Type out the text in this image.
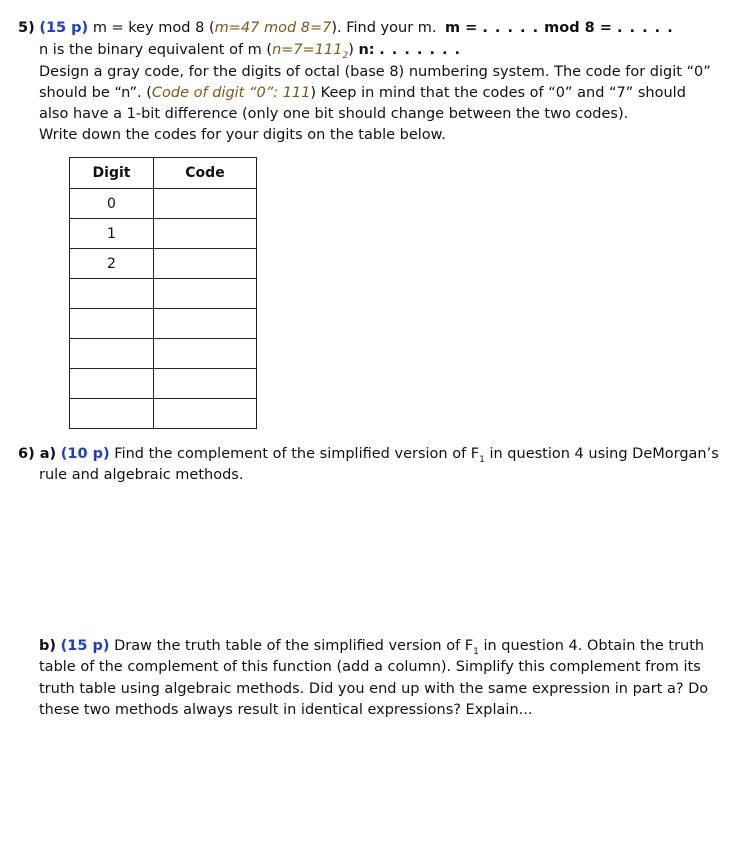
5) (15 p) m = key mod 8 (m=47 mod 8=7). Find your m. m = . . . . . mod 8 = . . . . .
n is the binary equivalent of m $(n=7=111_2)$ n: . . . . . . .
Design a gray code, for the digits of octal (base 8) numbering system. The code for digit “0”
should be “n”. (Code of digit “0”: 111) Keep in mind that the codes of “0” and “7” should
also have a 1-bit difference (only one bit should change between the two codes).
Write down the codes for your digits on the table below.
Digit	Code
0	
1	
2	

6) a) (10 p) Find the complement of the simplified version of $F_1$ in question 4 using DeMorgan’s
rule and algebraic methods.
b) (15 p) Draw the truth table of the simplified version of $F_1$ in question 4. Obtain the truth
table of the complement of this function (add a column). Simplify this complement from its
truth table using algebraic methods. Did you end up with the same expression in part a? Do
these two methods always result in identical expressions? Explain...
